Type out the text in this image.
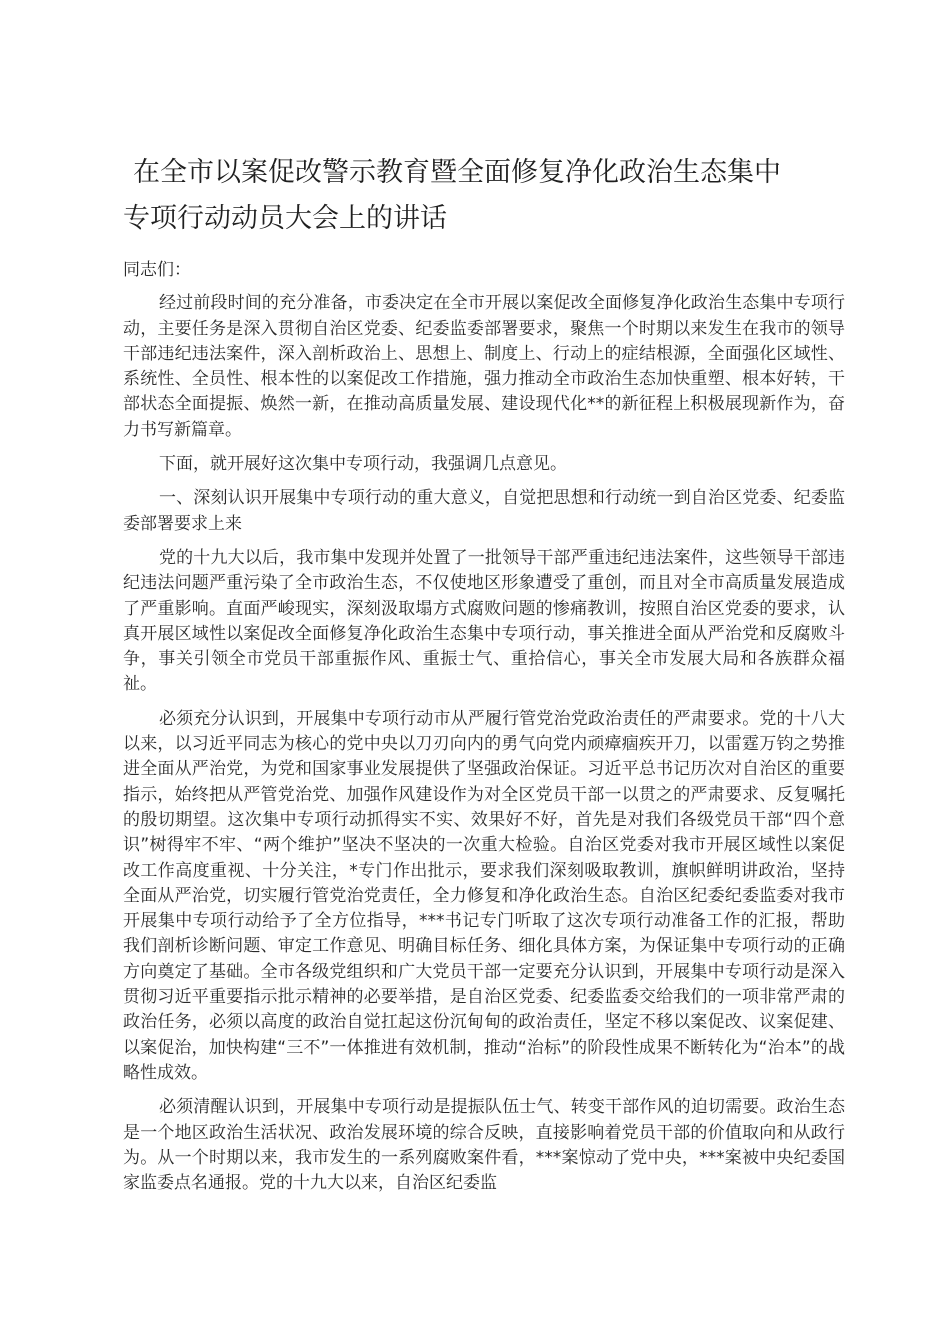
在全市以案促改警示教育暨全面修复净化政治生态集中
专项行动动员大会上的讲话

同志们：

经过前段时间的充分准备，市委决定在全市开展以案促改全面修复净化政治生态集中专项行动，主要任务是深入贯彻自治区党委、纪委监委部署要求，聚焦一个时期以来发生在我市的领导干部违纪违法案件，深入剖析政治上、思想上、制度上、行动上的症结根源，全面强化区域性、系统性、全员性、根本性的以案促改工作措施，强力推动全市政治生态加快重塑、根本好转，干部状态全面提振、焕然一新，在推动高质量发展、建设现代化**的新征程上积极展现新作为，奋力书写新篇章。

下面，就开展好这次集中专项行动，我强调几点意见。

一、深刻认识开展集中专项行动的重大意义，自觉把思想和行动统一到自治区党委、纪委监委部署要求上来

党的十九大以后，我市集中发现并处置了一批领导干部严重违纪违法案件，这些领导干部违纪违法问题严重污染了全市政治生态，不仅使地区形象遭受了重创，而且对全市高质量发展造成了严重影响。直面严峻现实，深刻汲取塌方式腐败问题的惨痛教训，按照自治区党委的要求，认真开展区域性以案促改全面修复净化政治生态集中专项行动，事关推进全面从严治党和反腐败斗争，事关引领全市党员干部重振作风、重振士气、重拾信心，事关全市发展大局和各族群众福祉。

必须充分认识到，开展集中专项行动市从严履行管党治党政治责任的严肃要求。党的十八大以来，以习近平同志为核心的党中央以刀刃向内的勇气向党内顽瘴痼疾开刀，以雷霆万钧之势推进全面从严治党，为党和国家事业发展提供了坚强政治保证。习近平总书记历次对自治区的重要指示，始终把从严管党治党、加强作风建设作为对全区党员干部一以贯之的严肃要求、反复嘱托的殷切期望。这次集中专项行动抓得实不实、效果好不好，首先是对我们各级党员干部“四个意识”树得牢不牢、“两个维护”坚决不坚决的一次重大检验。自治区党委对我市开展区域性以案促改工作高度重视、十分关注，*专门作出批示，要求我们深刻吸取教训，旗帜鲜明讲政治，坚持全面从严治党，切实履行管党治党责任，全力修复和净化政治生态。自治区纪委纪委监委对我市开展集中专项行动给予了全方位指导，***书记专门听取了这次专项行动准备工作的汇报，帮助我们剖析诊断问题、审定工作意见、明确目标任务、细化具体方案，为保证集中专项行动的正确方向奠定了基础。全市各级党组织和广大党员干部一定要充分认识到，开展集中专项行动是深入贯彻习近平重要指示批示精神的必要举措，是自治区党委、纪委监委交给我们的一项非常严肃的政治任务，必须以高度的政治自觉扛起这份沉甸甸的政治责任，坚定不移以案促改、议案促建、以案促治，加快构建“三不”一体推进有效机制，推动“治标”的阶段性成果不断转化为“治本”的战略性成效。

必须清醒认识到，开展集中专项行动是提振队伍士气、转变干部作风的迫切需要。政治生态是一个地区政治生活状况、政治发展环境的综合反映，直接影响着党员干部的价值取向和从政行为。从一个时期以来，我市发生的一系列腐败案件看，***案惊动了党中央，***案被中央纪委国家监委点名通报。党的十九大以来，自治区纪委监
